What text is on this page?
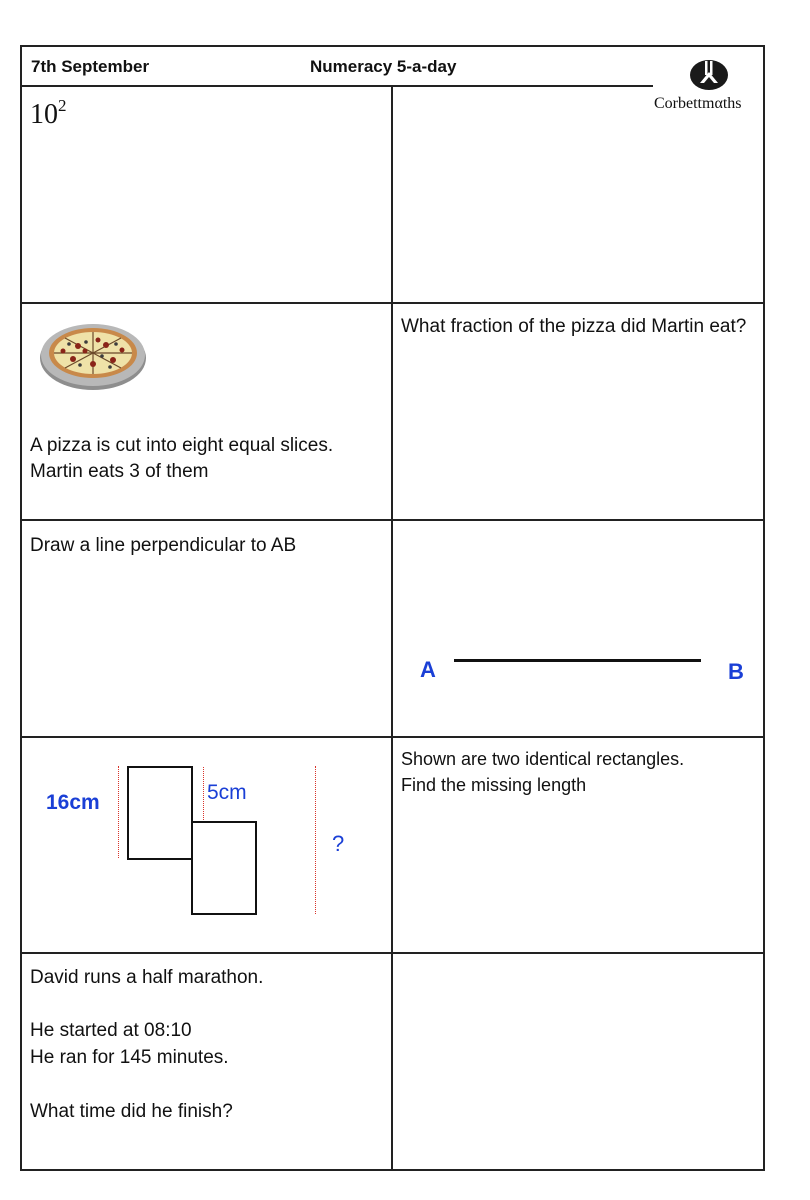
7th September	Numeracy 5-a-day
Corbettmαths
$10^2$
A pizza is cut into eight equal slices.
Martin eats 3 of them
What fraction of the pizza did Martin eat?
Draw a line perpendicular to AB
A	B
16cm	5cm
?
Shown are two identical rectangles.
Find the missing length
David runs a half marathon.
He started at 08:10
He ran for 145 minutes.
What time did he finish?
